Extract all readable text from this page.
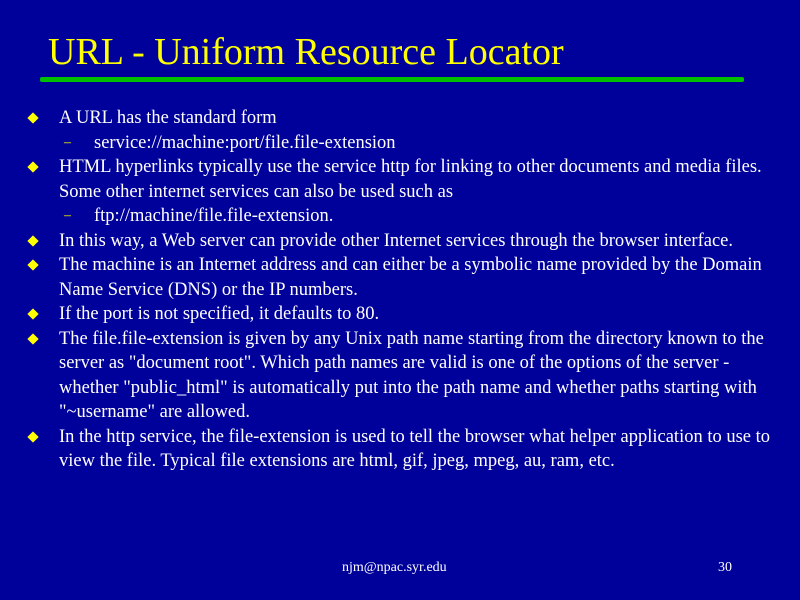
URL - Uniform Resource Locator
A URL has the standard form
– service://machine:port/file.file-extension
HTML hyperlinks typically use the service http for linking to other documents and media files. Some other internet services can also be used such as
– ftp://machine/file.file-extension.
In this way, a Web server can provide other Internet services through the browser interface.
The machine is an Internet address and can either be a symbolic name provided by the Domain Name Service (DNS) or the IP numbers.
If the port is not specified, it defaults to 80.
The file.file-extension is given by any Unix path name starting from the directory known to the server as "document root". Which path names are valid is one of the options of the server - whether "public_html" is automatically put into the path name and whether paths starting with "~username" are allowed.
In the http service, the file-extension is used to tell the browser what helper application to use to view the file. Typical file extensions are html, gif, jpeg, mpeg, au, ram, etc.
njm@npac.syr.edu	30
